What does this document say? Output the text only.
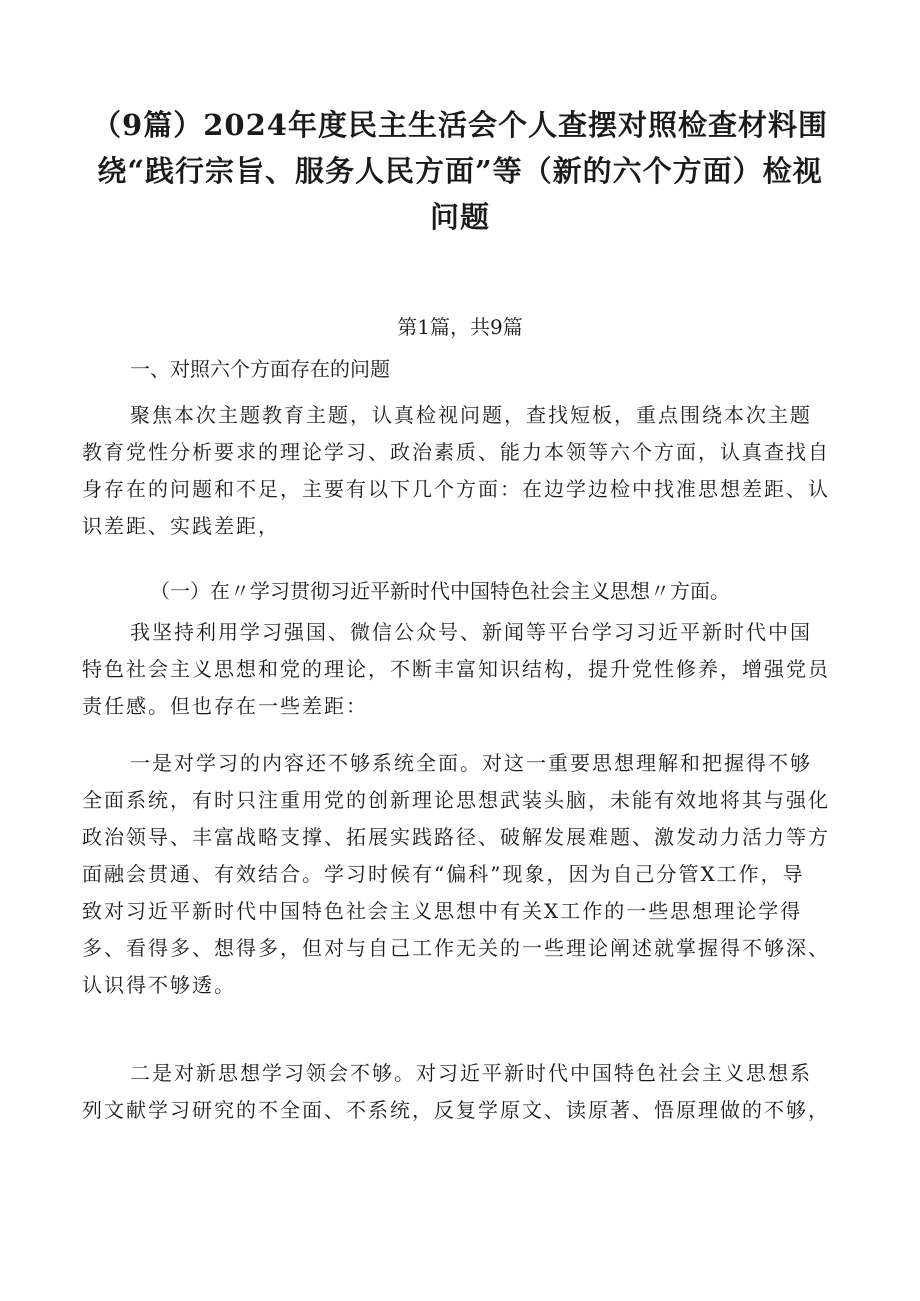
（9篇）2024年度民主生活会个人查摆对照检查材料围
绕“践行宗旨、服务人民方面”等（新的六个方面）检视
问题
第1篇，共9篇
一、对照六个方面存在的问题
聚焦本次主题教育主题，认真检视问题，查找短板，重点围绕本次主题
教育党性分析要求的理论学习、政治素质、能力本领等六个方面，认真查找自
身存在的问题和不足，主要有以下几个方面：在边学边检中找准思想差距、认
识差距、实践差距，
（一）在〃学习贯彻习近平新时代中国特色社会主义思想〃方面。
我坚持利用学习强国、微信公众号、新闻等平台学习习近平新时代中国
特色社会主义思想和党的理论，不断丰富知识结构，提升党性修养，增强党员
责任感。但也存在一些差距：
一是对学习的内容还不够系统全面。对这一重要思想理解和把握得不够
全面系统，有时只注重用党的创新理论思想武装头脑，未能有效地将其与强化
政治领导、丰富战略支撑、拓展实践路径、破解发展难题、激发动力活力等方
面融会贯通、有效结合。学习时候有“偏科”现象，因为自己分管X工作，导
致对习近平新时代中国特色社会主义思想中有关X工作的一些思想理论学得
多、看得多、想得多，但对与自己工作无关的一些理论阐述就掌握得不够深、
认识得不够透。
二是对新思想学习领会不够。对习近平新时代中国特色社会主义思想系
列文献学习研究的不全面、不系统，反复学原文、读原著、悟原理做的不够，
